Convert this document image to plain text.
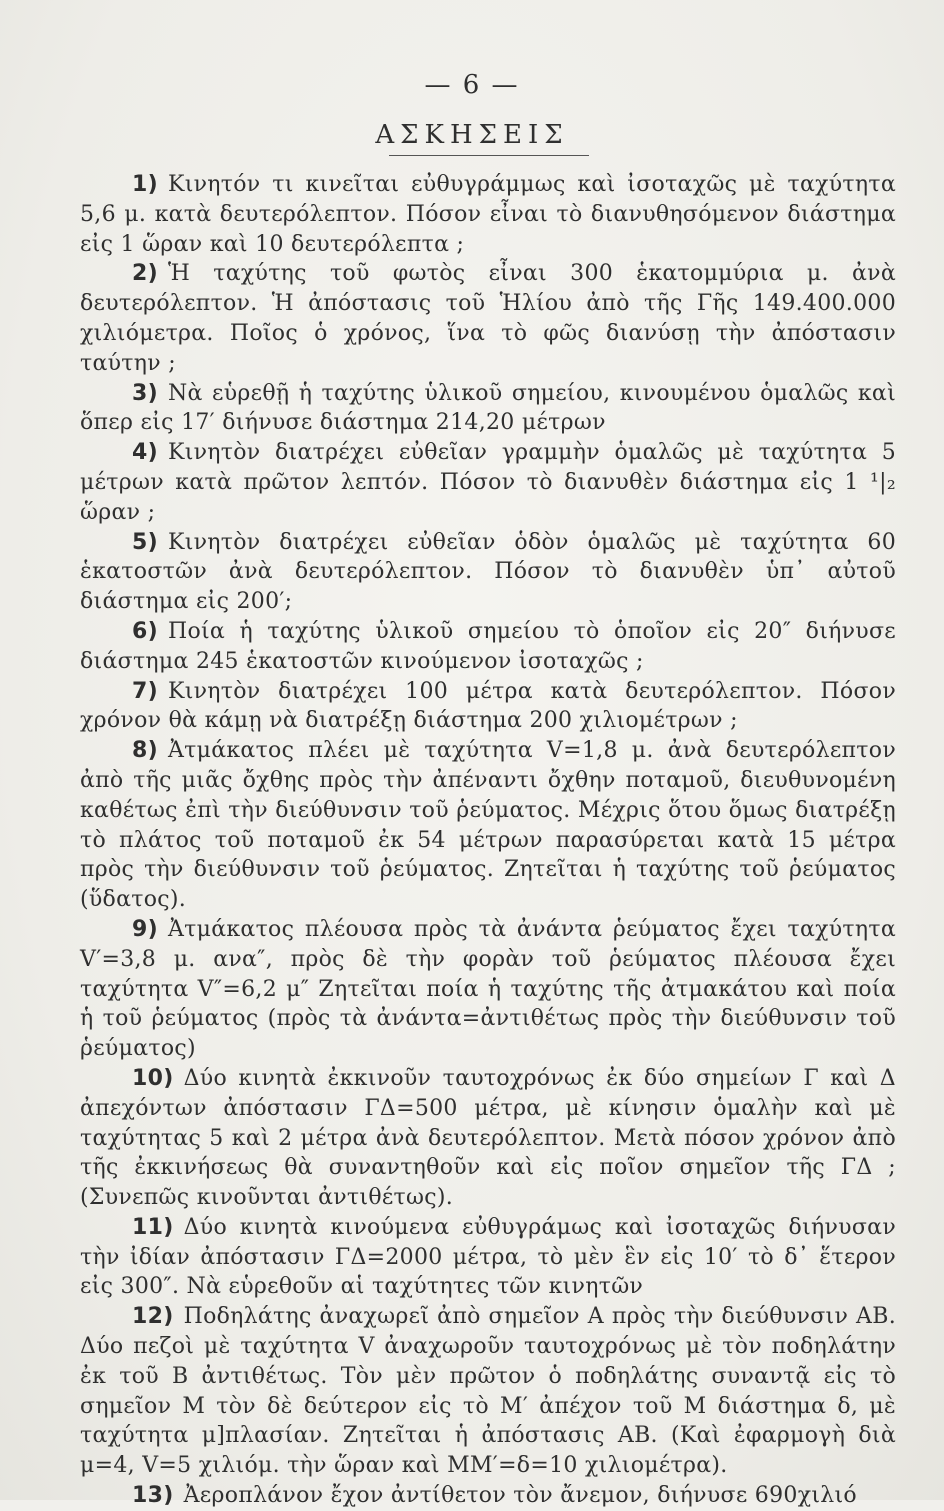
— 6 —
ΑΣΚΗΣΕΙΣ

1) Κινητόν τι κινεῖται εὐθυγράμμως καὶ ἰσοταχῶς μὲ ταχύτητα 5,6 μ. κατὰ δευτερόλεπτον. Πόσον εἶναι τὸ διανυθησόμενον διάστημα εἰς 1 ὥραν καὶ 10 δευτερόλεπτα ;

2) Ἡ ταχύτης τοῦ φωτὸς εἶναι 300 ἑκατομμύρια μ. ἀνὰ δευτερόλεπτον. Ἡ ἀπόστασις τοῦ Ἡλίου ἀπὸ τῆς Γῆς 149.400.000 χιλιόμετρα. Ποῖος ὁ χρόνος, ἵνα τὸ φῶς διανύσῃ τὴν ἀπόστασιν ταύτην ;

3) Νὰ εὑρεθῇ ἡ ταχύτης ὑλικοῦ σημείου, κινουμένου ὁμαλῶς καὶ ὅπερ εἰς 17′ διήνυσε διάστημα 214,20 μέτρων

4) Κινητὸν διατρέχει εὐθεῖαν γραμμὴν ὁμαλῶς μὲ ταχύτητα 5 μέτρων κατὰ πρῶτον λεπτόν. Πόσον τὸ διανυθὲν διάστημα εἰς 1 ¹|₂ ὥραν ;

5) Κινητὸν διατρέχει εὐθεῖαν ὁδὸν ὁμαλῶς μὲ ταχύτητα 60 ἑκατοστῶν ἀνὰ δευτερόλεπτον. Πόσον τὸ διανυθὲν ὑπ᾽ αὐτοῦ διάστημα εἰς 200′;

6) Ποία ἡ ταχύτης ὑλικοῦ σημείου τὸ ὁποῖον εἰς 20″ διήνυσε διάστημα 245 ἑκατοστῶν κινούμενον ἰσοταχῶς ;

7) Κινητὸν διατρέχει 100 μέτρα κατὰ δευτερόλεπτον. Πόσον χρόνον θὰ κάμῃ νὰ διατρέξῃ διάστημα 200 χιλιομέτρων ;

8) Ἀτμάκατος πλέει μὲ ταχύτητα V=1,8 μ. ἀνὰ δευτερόλεπτον ἀπὸ τῆς μιᾶς ὄχθης πρὸς τὴν ἀπέναντι ὄχθην ποταμοῦ, διευθυνομένη καθέτως ἐπὶ τὴν διεύθυνσιν τοῦ ῥεύματος. Μέχρις ὅτου ὅμως διατρέξῃ τὸ πλάτος τοῦ ποταμοῦ ἐκ 54 μέτρων παρασύρεται κατὰ 15 μέτρα πρὸς τὴν διεύθυνσιν τοῦ ῥεύματος. Ζητεῖται ἡ ταχύτης τοῦ ῥεύματος (ὕδατος).

9) Ἀτμάκατος πλέουσα πρὸς τὰ ἀνάντα ῥεύματος ἔχει ταχύτητα V′=3,8 μ. ανα″, πρὸς δὲ τὴν φορὰν τοῦ ῥεύματος πλέουσα ἔχει ταχύτητα V″=6,2 μ″ Ζητεῖται ποία ἡ ταχύτης τῆς ἀτμακάτου καὶ ποία ἡ τοῦ ῥεύματος (πρὸς τὰ ἀνάντα=ἀντιθέτως πρὸς τὴν διεύθυνσιν τοῦ ῥεύματος)

10) Δύο κινητὰ ἐκκινοῦν ταυτοχρόνως ἐκ δύο σημείων Γ καὶ Δ ἀπεχόντων ἀπόστασιν ΓΔ=500 μέτρα, μὲ κίνησιν ὁμαλὴν καὶ μὲ ταχύτητας 5 καὶ 2 μέτρα ἀνὰ δευτερόλεπτον. Μετὰ πόσον χρόνον ἀπὸ τῆς ἐκκινήσεως θὰ συναντηθοῦν καὶ εἰς ποῖον σημεῖον τῆς ΓΔ ; (Συνεπῶς κινοῦνται ἀντιθέτως).

11) Δύο κινητὰ κινούμενα εὐθυγράμως καὶ ἰσοταχῶς διήνυσαν τὴν ἰδίαν ἀπόστασιν ΓΔ=2000 μέτρα, τὸ μὲν ἓν εἰς 10′ τὸ δ᾽ ἕτερον εἰς 300″. Νὰ εὑρεθοῦν αἱ ταχύτητες τῶν κινητῶν

12) Ποδηλάτης ἀναχωρεῖ ἀπὸ σημεῖον Α πρὸς τὴν διεύθυνσιν ΑΒ. Δύο πεζοὶ μὲ ταχύτητα V ἀναχωροῦν ταυτοχρόνως μὲ τὸν ποδηλάτην ἐκ τοῦ Β ἀντιθέτως. Τὸν μὲν πρῶτον ὁ ποδηλάτης συναντᾷ εἰς τὸ σημεῖον Μ τὸν δὲ δεύτερον εἰς τὸ Μ′ ἀπέχον τοῦ Μ διάστημα δ, μὲ ταχύτητα μ]πλασίαν. Ζητεῖται ἡ ἀπόστασις ΑΒ. (Καὶ ἐφαρμογὴ διὰ μ=4, V=5 χιλιόμ. τὴν ὥραν καὶ ΜΜ′=δ=10 χιλιομέτρα).

13) Ἀεροπλάνον ἔχον ἀντίθετον τὸν ἄνεμον, διήνυσε 690χιλιό
